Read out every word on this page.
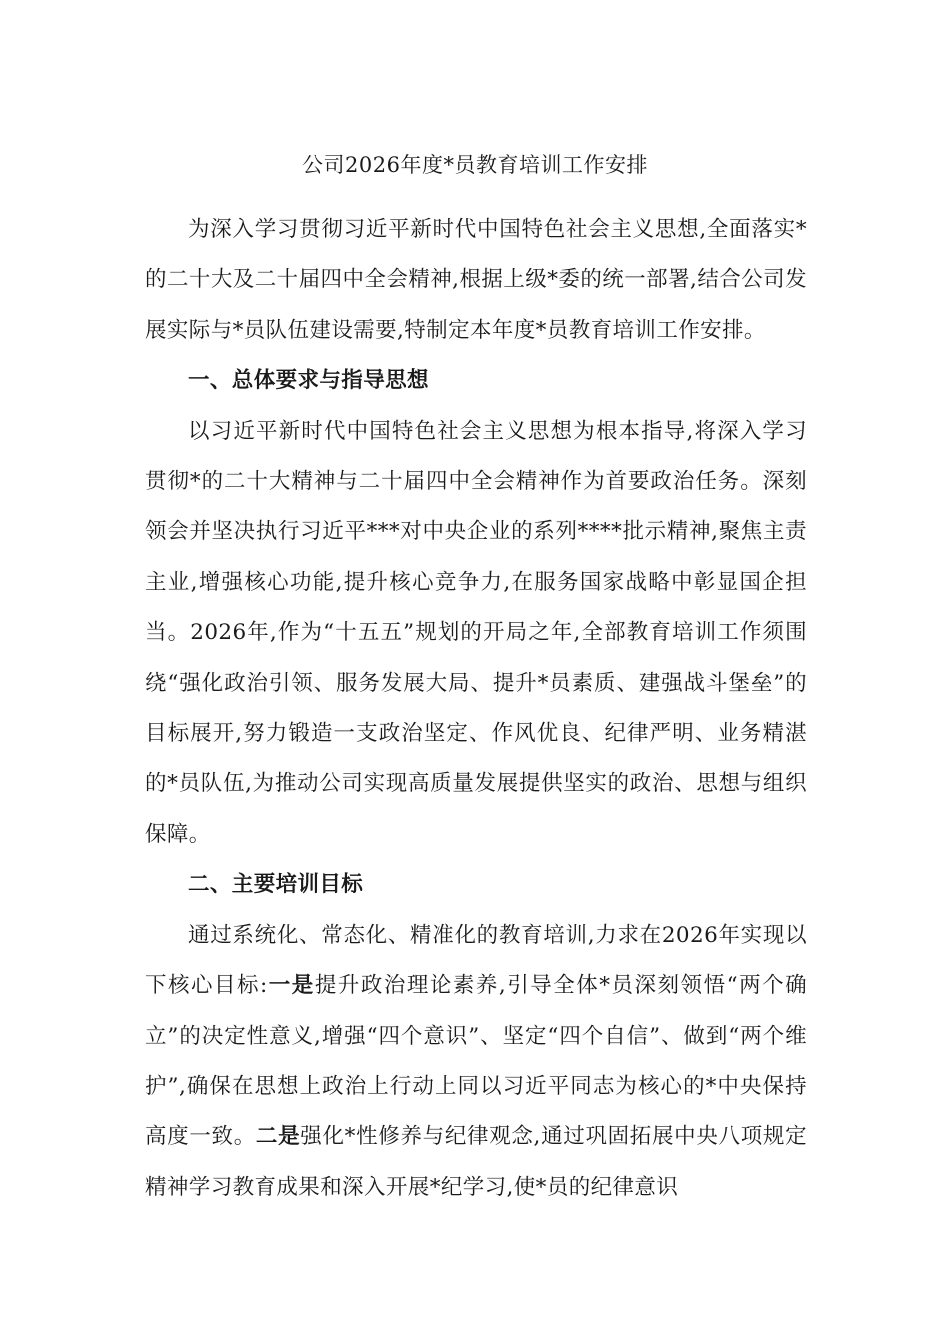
公司2026年度*员教育培训工作安排

为深入学习贯彻习近平新时代中国特色社会主义思想,全面落实*的二十大及二十届四中全会精神,根据上级*委的统一部署,结合公司发展实际与*员队伍建设需要,特制定本年度*员教育培训工作安排。

一、总体要求与指导思想

以习近平新时代中国特色社会主义思想为根本指导,将深入学习贯彻*的二十大精神与二十届四中全会精神作为首要政治任务。深刻领会并坚决执行习近平***对中央企业的系列****批示精神,聚焦主责主业,增强核心功能,提升核心竞争力,在服务国家战略中彰显国企担当。2026年,作为“十五五”规划的开局之年,全部教育培训工作须围绕“强化政治引领、服务发展大局、提升*员素质、建强战斗堡垒”的目标展开,努力锻造一支政治坚定、作风优良、纪律严明、业务精湛的*员队伍,为推动公司实现高质量发展提供坚实的政治、思想与组织保障。

二、主要培训目标

通过系统化、常态化、精准化的教育培训,力求在2026年实现以下核心目标:一是提升政治理论素养,引导全体*员深刻领悟“两个确立”的决定性意义,增强“四个意识”、坚定“四个自信”、做到“两个维护”,确保在思想上政治上行动上同以习近平同志为核心的*中央保持高度一致。二是强化*性修养与纪律观念,通过巩固拓展中央八项规定精神学习教育成果和深入开展*纪学习,使*员的纪律意识
